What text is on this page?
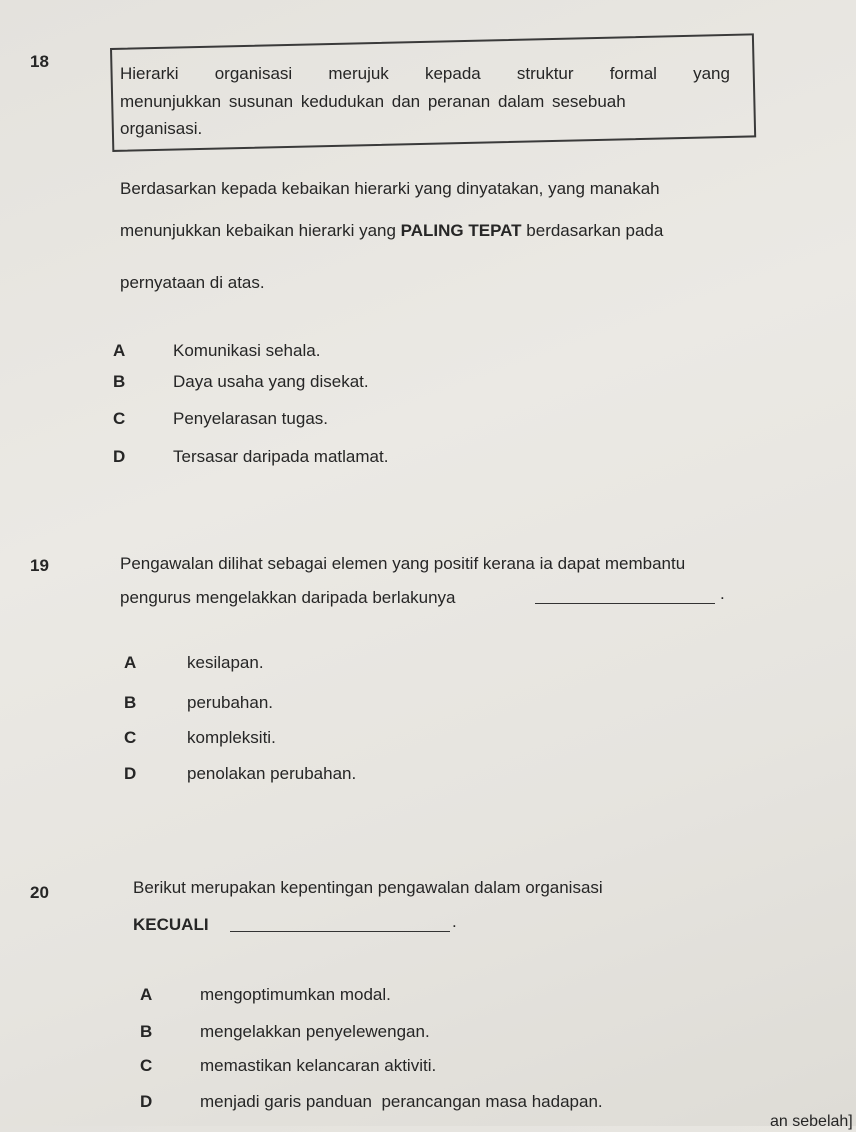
18
Hierarki organisasi merujuk kepada struktur formal yang
menunjukkan susunan kedudukan dan peranan dalam sesebuah
organisasi.
Berdasarkan kepada kebaikan hierarki yang dinyatakan, yang manakah
menunjukkan kebaikan hierarki yang PALING TEPAT berdasarkan pada
pernyataan di atas.
A	Komunikasi sehala.
B	Daya usaha yang disekat.
C	Penyelarasan tugas.
D	Tersasar daripada matlamat.
19	Pengawalan dilihat sebagai elemen yang positif kerana ia dapat membantu
pengurus mengelakkan daripada berlakunya	.
A	kesilapan.
B	perubahan.
C	kompleksiti.
D	penolakan perubahan.
20	Berikut merupakan kepentingan pengawalan dalam organisasi
KECUALI	.
A	mengoptimumkan modal.
B	mengelakkan penyelewengan.
C	memastikan kelancaran aktiviti.
D	menjadi garis panduan  perancangan masa hadapan.
an sebelah]
